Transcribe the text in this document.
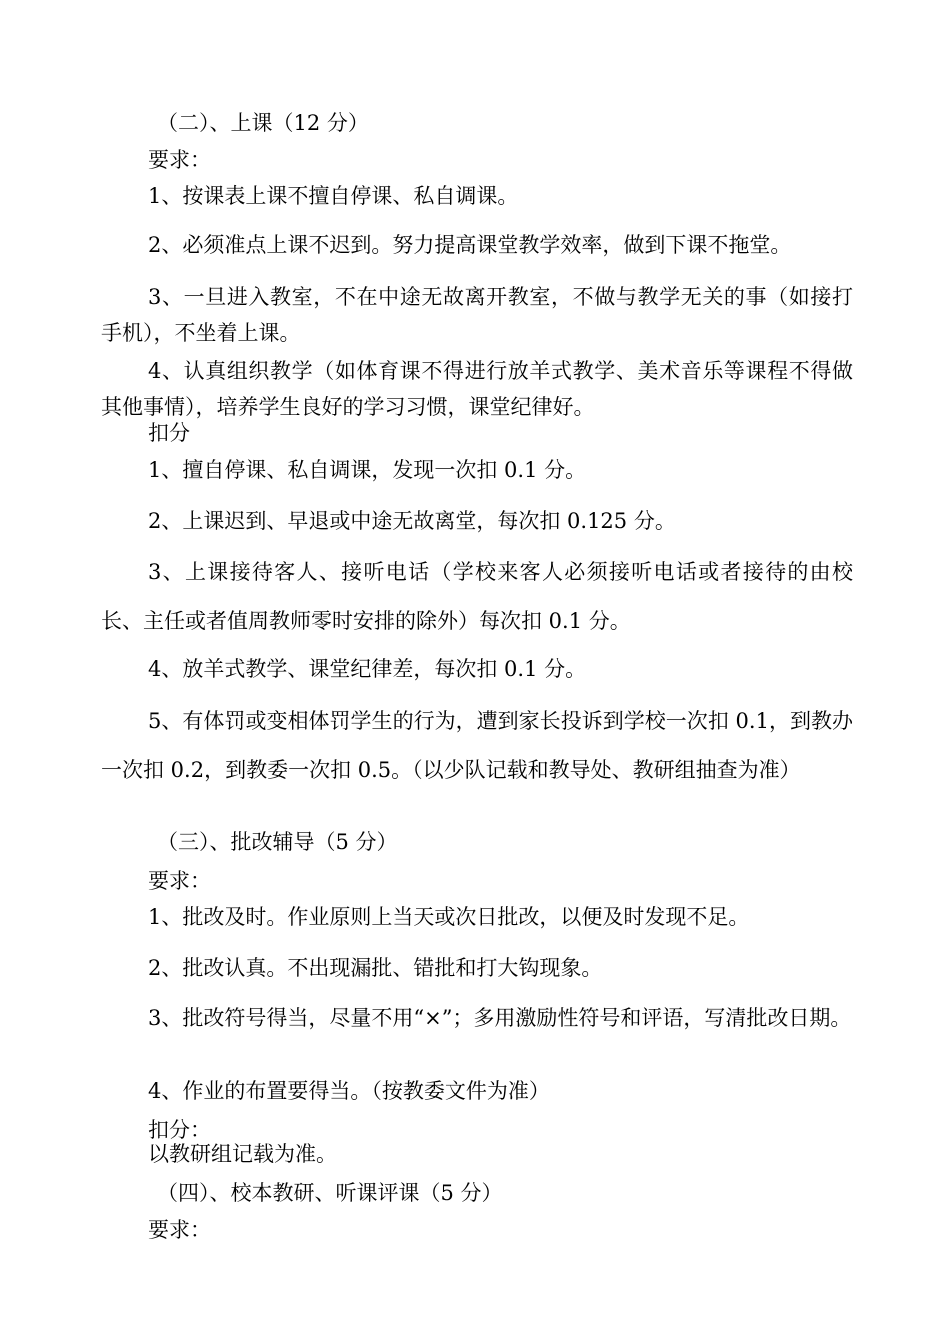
（二）、上课（12 分）
要求：
1、按课表上课不擅自停课、私自调课。
2、必须准点上课不迟到。努力提高课堂教学效率，做到下课不拖堂。
3、一旦进入教室，不在中途无故离开教室，不做与教学无关的事（如接打手机），不坐着上课。
4、认真组织教学（如体育课不得进行放羊式教学、美术音乐等课程不得做其他事情），培养学生良好的学习习惯，课堂纪律好。
扣分
1、擅自停课、私自调课，发现一次扣 0.1 分。
2、上课迟到、早退或中途无故离堂，每次扣 0.125 分。
3、上课接待客人、接听电话（学校来客人必须接听电话或者接待的由校长、主任或者值周教师零时安排的除外）每次扣 0.1 分。
4、放羊式教学、课堂纪律差，每次扣 0.1 分。
5、有体罚或变相体罚学生的行为，遭到家长投诉到学校一次扣 0.1，到教办一次扣 0.2，到教委一次扣 0.5。（以少队记载和教导处、教研组抽查为准）
（三）、批改辅导（5 分）
要求：
1、批改及时。作业原则上当天或次日批改，以便及时发现不足。
2、批改认真。不出现漏批、错批和打大钩现象。
3、批改符号得当，尽量不用“×”；多用激励性符号和评语，写清批改日期。
4、作业的布置要得当。（按教委文件为准）
扣分：
以教研组记载为准。
（四）、校本教研、听课评课（5 分）
要求：
